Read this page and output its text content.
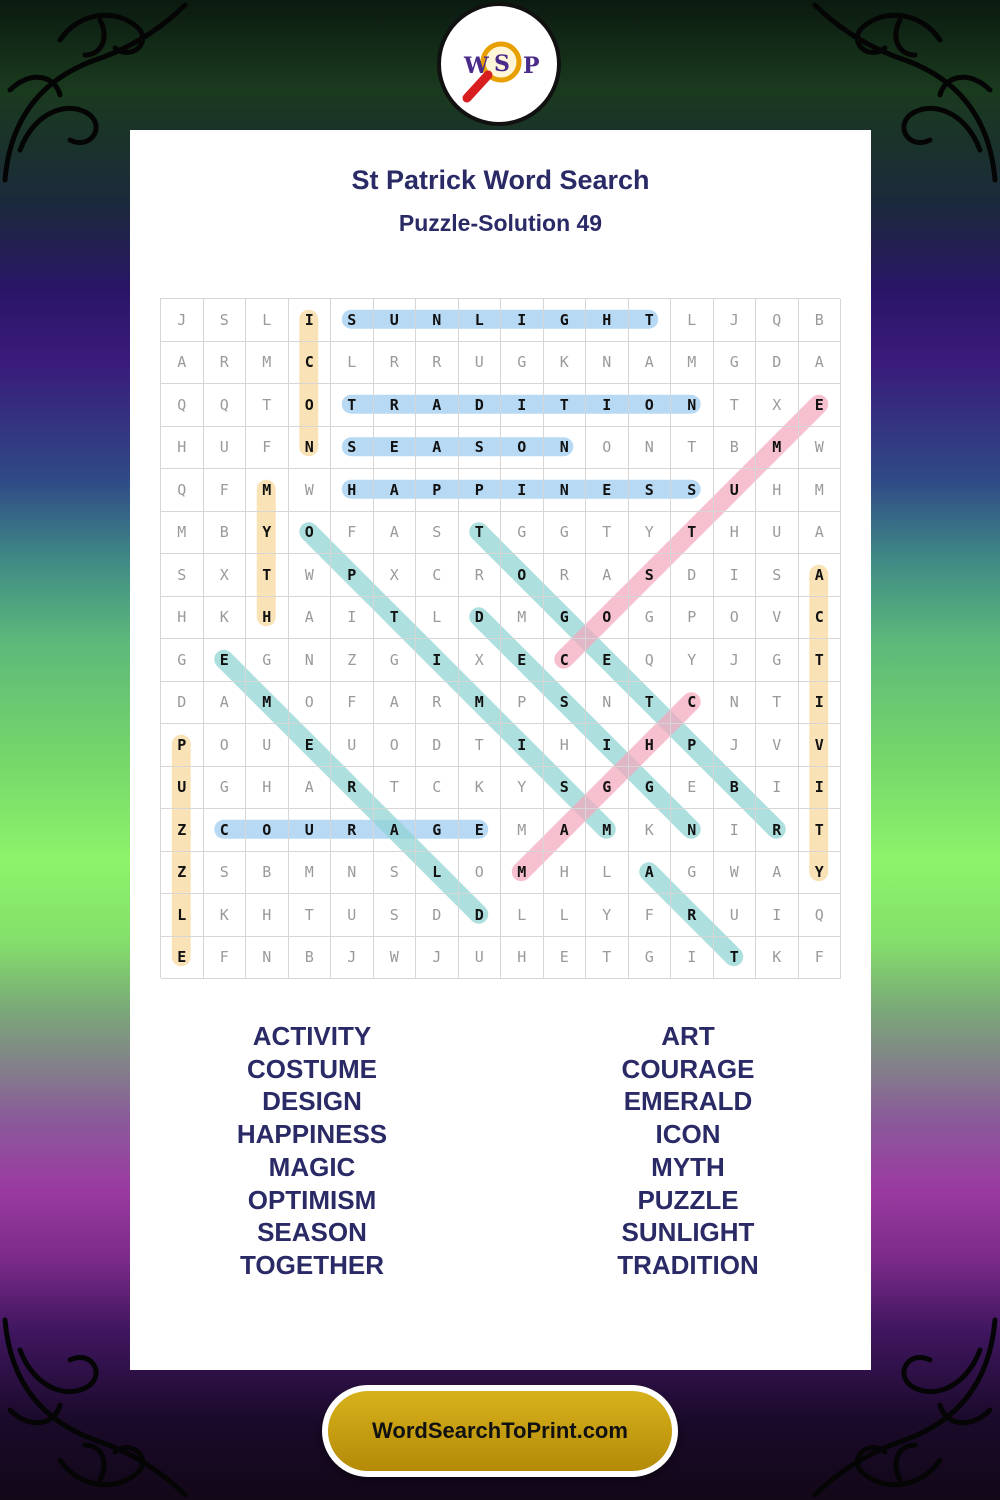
W S P
St Patrick Word Search
Puzzle-Solution 49
J	S	L	I	S	U	N	L	I	G	H	T	L	J	Q	B
A	R	M	C	L	R	R	U	G	K	N	A	M	G	D	A
Q	Q	T	O	T	R	A	D	I	T	I	O	N	T	X	E
H	U	F	N	S	E	A	S	O	N	O	N	T	B	M	W
Q	F	M	W	H	A	P	P	I	N	E	S	S	U	H	M
M	B	Y	O	F	A	S	T	G	G	T	Y	T	H	U	A
S	X	T	W	P	X	C	R	O	R	A	S	D	I	S	A
H	K	H	A	I	T	L	D	M	G	O	G	P	O	V	C
G	E	G	N	Z	G	I	X	E	C	E	Q	Y	J	G	T
D	A	M	O	F	A	R	M	P	S	N	T	C	N	T	I
P	O	U	E	U	O	D	T	I	H	I	H	P	J	V	V
U	G	H	A	R	T	C	K	Y	S	G	G	E	B	I	I
Z	C	O	U	R	A	G	E	M	A	M	K	N	I	R	T
Z	S	B	M	N	S	L	O	M	H	L	A	G	W	A	Y
L	K	H	T	U	S	D	D	L	L	Y	F	R	U	I	Q
E	F	N	B	J	W	J	U	H	E	T	G	I	T	K	F
ACTIVITY
COSTUME
DESIGN
HAPPINESS
MAGIC
OPTIMISM
SEASON
TOGETHER
ART
COURAGE
EMERALD
ICON
MYTH
PUZZLE
SUNLIGHT
TRADITION
WordSearchToPrint.com
